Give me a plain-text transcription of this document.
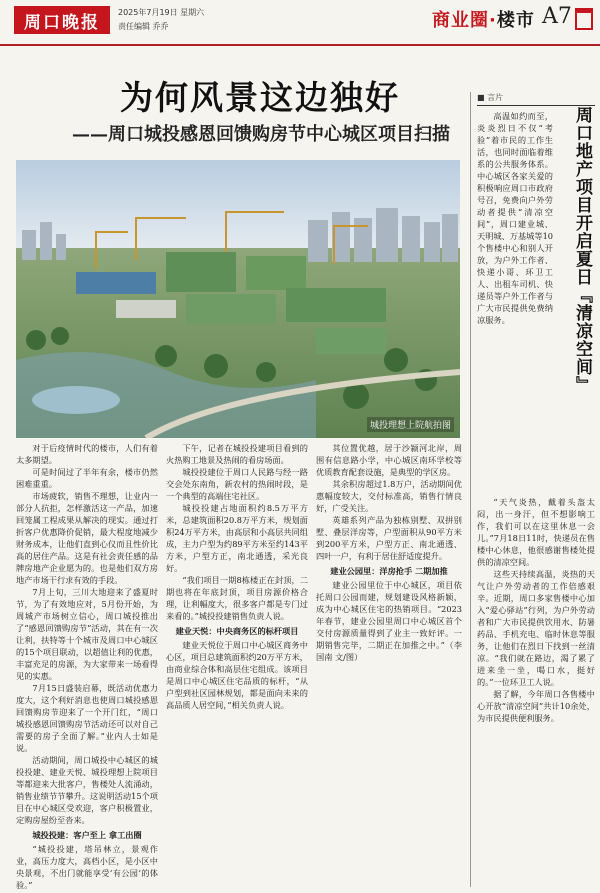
周口晚报	2025年7月19日 星期六
责任编辑 乔乔	商业圈·楼市 A7
为何风景这边独好
——周口城投感恩回馈购房节中心城区项目扫描
城投理想上院航拍图

对于后疫情时代的楼市，人们有着太多期望。

可是时间过了半年有余，楼市仍然困难重重。

市场疲软，销售不理想，让业内一部分人抗拒，怎样激活这一产品，加速回笼属工程成果从解决的现实。通过打折客户优惠降价促销，最大程度地减少财务成本，让他们直到心仪而且性价比高的居住产品。这是有社会责任感的品牌房地产企业愿为的。也是他们双方房地产市场干行求有效的手段。

7月上旬，三川大地迎来了盛夏时节，为了有效地应对，5月份开始，为周城产市场树立信心，周口城投推出了“感恩回馈购房节”活动，其在有一次让利，扶特等十个城市及周口中心城区的15个项目联动，以超值让利的优惠，丰富充足的房源，为大家带来一场看得见的实惠。

7月15日盛装启幕，既活动优惠力度大，这个利好消息也使周口城投感恩回馈购房节迎来了一个开门红，“周口城投感恩回馈购房节活动还可以对自己需要的房子全面了解。”业内人士如是说。

活动期间，周口城投中心城区的城投投建、建业天悦、城投理想上院项目等都迎来大批客户，售楼处人流涌动，销售业绩节节攀升。这说明活动15个项目在中心城区受欢迎，客户积极置业，定购房屋纷至沓来。

城投投建：客户至上 拿工出圈

“城投投建，塔吊林立，景观作业，高压力度大，高档小区，是小区中央景观，不出门就能享受‘有公园’的体验。”

下午，记者在城投投建项目看到的火热购工地景及热闹的看房场面。

城投投建位于周口人民路与经一路交会处东南角，新农村的热闹时段，是一个典型的高端住宅社区。

城投投建占地面积约8.5万平方米，总建筑面积20.8万平方米，规划面积24万平方米，由高层和小高层共同组成，主力户型为约89平方米至约143平方米，户型方正，南北通透，采光良好。

“我们项目一期8栋楼正在封顶，二期也将在年底封顶，项目房源价格合理，让利幅度大，很多客户都是专门过来看的。”城投投建销售负责人说。

建业天悦：中央商务区的标杆项目

建业天悦位于周口中心城区商务中心区，项目总建筑面积约20万平方米，由商业综合体和高层住宅组成。该项目是周口中心城区住宅品质的标杆，“从户型到社区园林规划，都是面向未来的高品质人居空间，”相关负责人说。

其位置优越，居于沙颍河北岸，周围有信息路小学，中心城区南环学校等优质教育配套设施，是典型的学区房。

其余积房超过1.8万户，活动期间优惠幅度较大，交付标准高，销售行情良好，广受关注。

英雄系列产品为独栋别墅、双拼别墅、叠层洋房等，户型面积从90平方米到200平方米，户型方正、南北通透、四叶一户，有利于居住舒适度提升。

建业公园里：洋房抢手 二期加推

建业公园里位于中心城区，项目依托周口公园而建，规划建设风格新颖，成为中心城区住宅的热销项目。“2023年春节，建业公园里周口中心城区首个交付房源质量得到了业主一致好评。一期销售完毕，二期正在加推之中。”（李国南 文/图）

■ 言片
周口地产项目开启夏日『清凉空间』

高温如约而至，炎炎烈日不仅“考验”着市民的工作生活，也同时面临着维系的公共服务体系。中心城区各家关爱的积极响应周口市政府号召，免费向户外劳动者提供“清凉空间”，周口建业城、天明城、万基城等10个售楼中心和别人开放，为户外工作者、快递小哥、环卫工人、出租车司机、快递员等户外工作者与广大市民提供免费纳凉服务。

“天气炎热，戴着头盔太闷，出一身汗，但不想影响工作，我们可以在这里休息一会儿。”7月18日11时，快递员在售楼中心休息，他很感谢售楼处提供的清凉空间。

这些天持续高温，炎热的天气让户外劳动者的工作倍感艰辛。近期，周口多家售楼中心加入“爱心驿站”行列，为户外劳动者和广大市民提供饮用水、防暑药品、手机充电、临时休息等服务，让他们在烈日下找到一丝清凉。“我们就在路边，渴了累了进来坐一坐，喝口水，挺好的。”一位环卫工人说。

据了解，今年周口各售楼中心开放“清凉空间”共计10余处，为市民提供便利服务。
